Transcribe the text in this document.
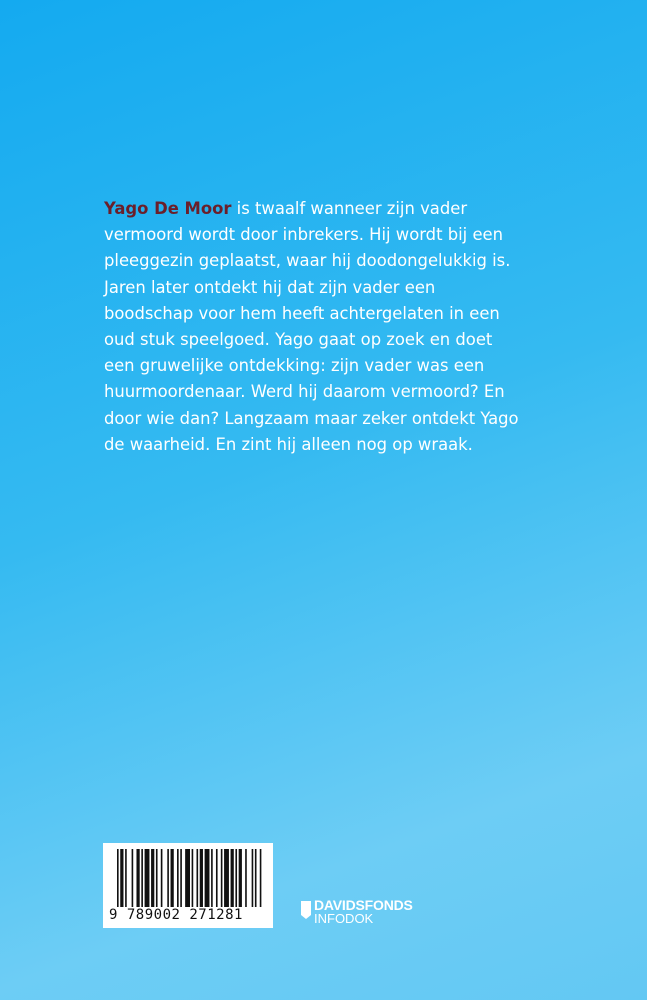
Yago De Moor is twaalf wanneer zijn vader vermoord wordt door inbrekers. Hij wordt bij een pleeggezin geplaatst, waar hij doodongelukkig is. Jaren later ontdekt hij dat zijn vader een boodschap voor hem heeft achtergelaten in een oud stuk speelgoed. Yago gaat op zoek en doet een gruwelijke ontdekking: zijn vader was een huurmoordenaar. Werd hij daarom vermoord? En door wie dan? Langzaam maar zeker ontdekt Yago de waarheid. En zint hij alleen nog op wraak.

9 789002 271281
DAVIDSFONDS
INFODOK
